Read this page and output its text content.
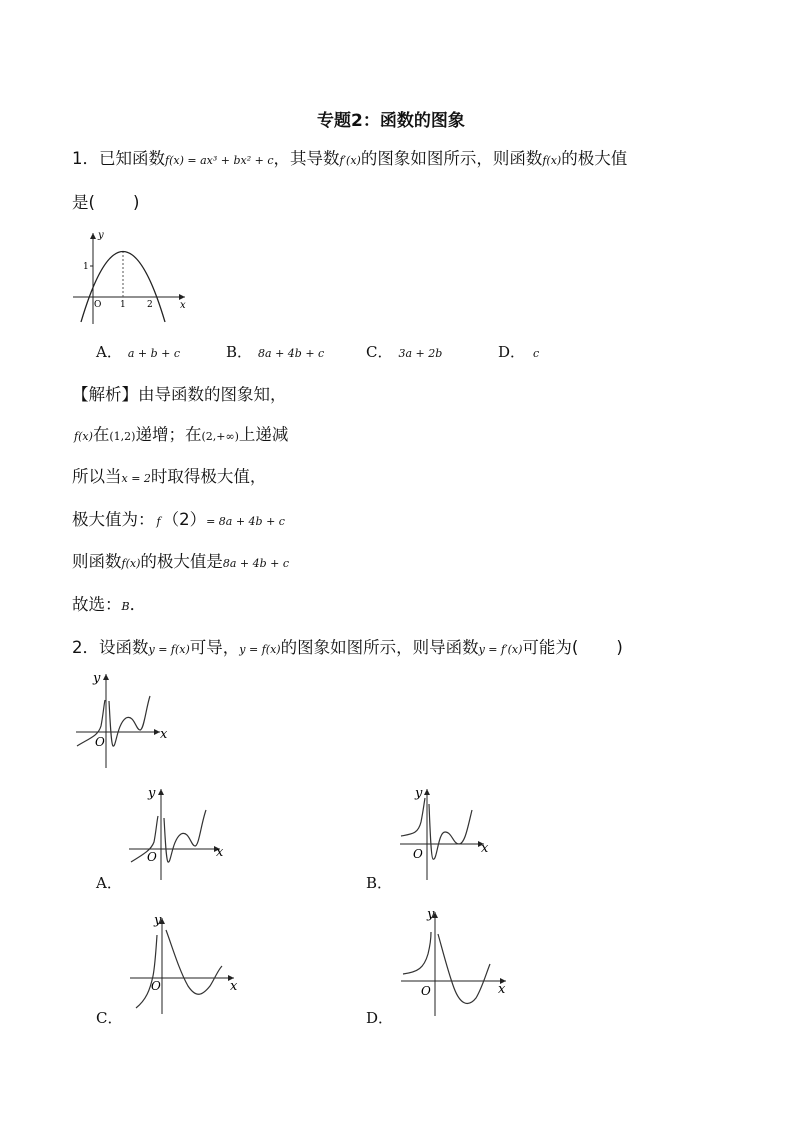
专题2：函数的图象
1．已知函数f(x) = ax³ + bx² + c，其导数f′(x)的图象如图所示，则函数f(x)的极大值
是( )
y
x
O
1
1 2
A． a + b + c	B． 8a + 4b + c	C． 3a + 2b	D． c
【解析】由导函数的图象知，
f(x)在(1,2)递增；在(2,+∞)上递减
所以当x = 2时取得极大值，
极大值为： f （2）= 8a + 4b + c
则函数f(x)的极大值是8a + 4b + c
故选：B．
2．设函数y = f(x)可导，y = f(x)的图象如图所示，则导函数y = f′(x)可能为( )
y
x
O
y
x
O
A．
y
x
O
B．
y
x
O
C．
y
x
O
D．
